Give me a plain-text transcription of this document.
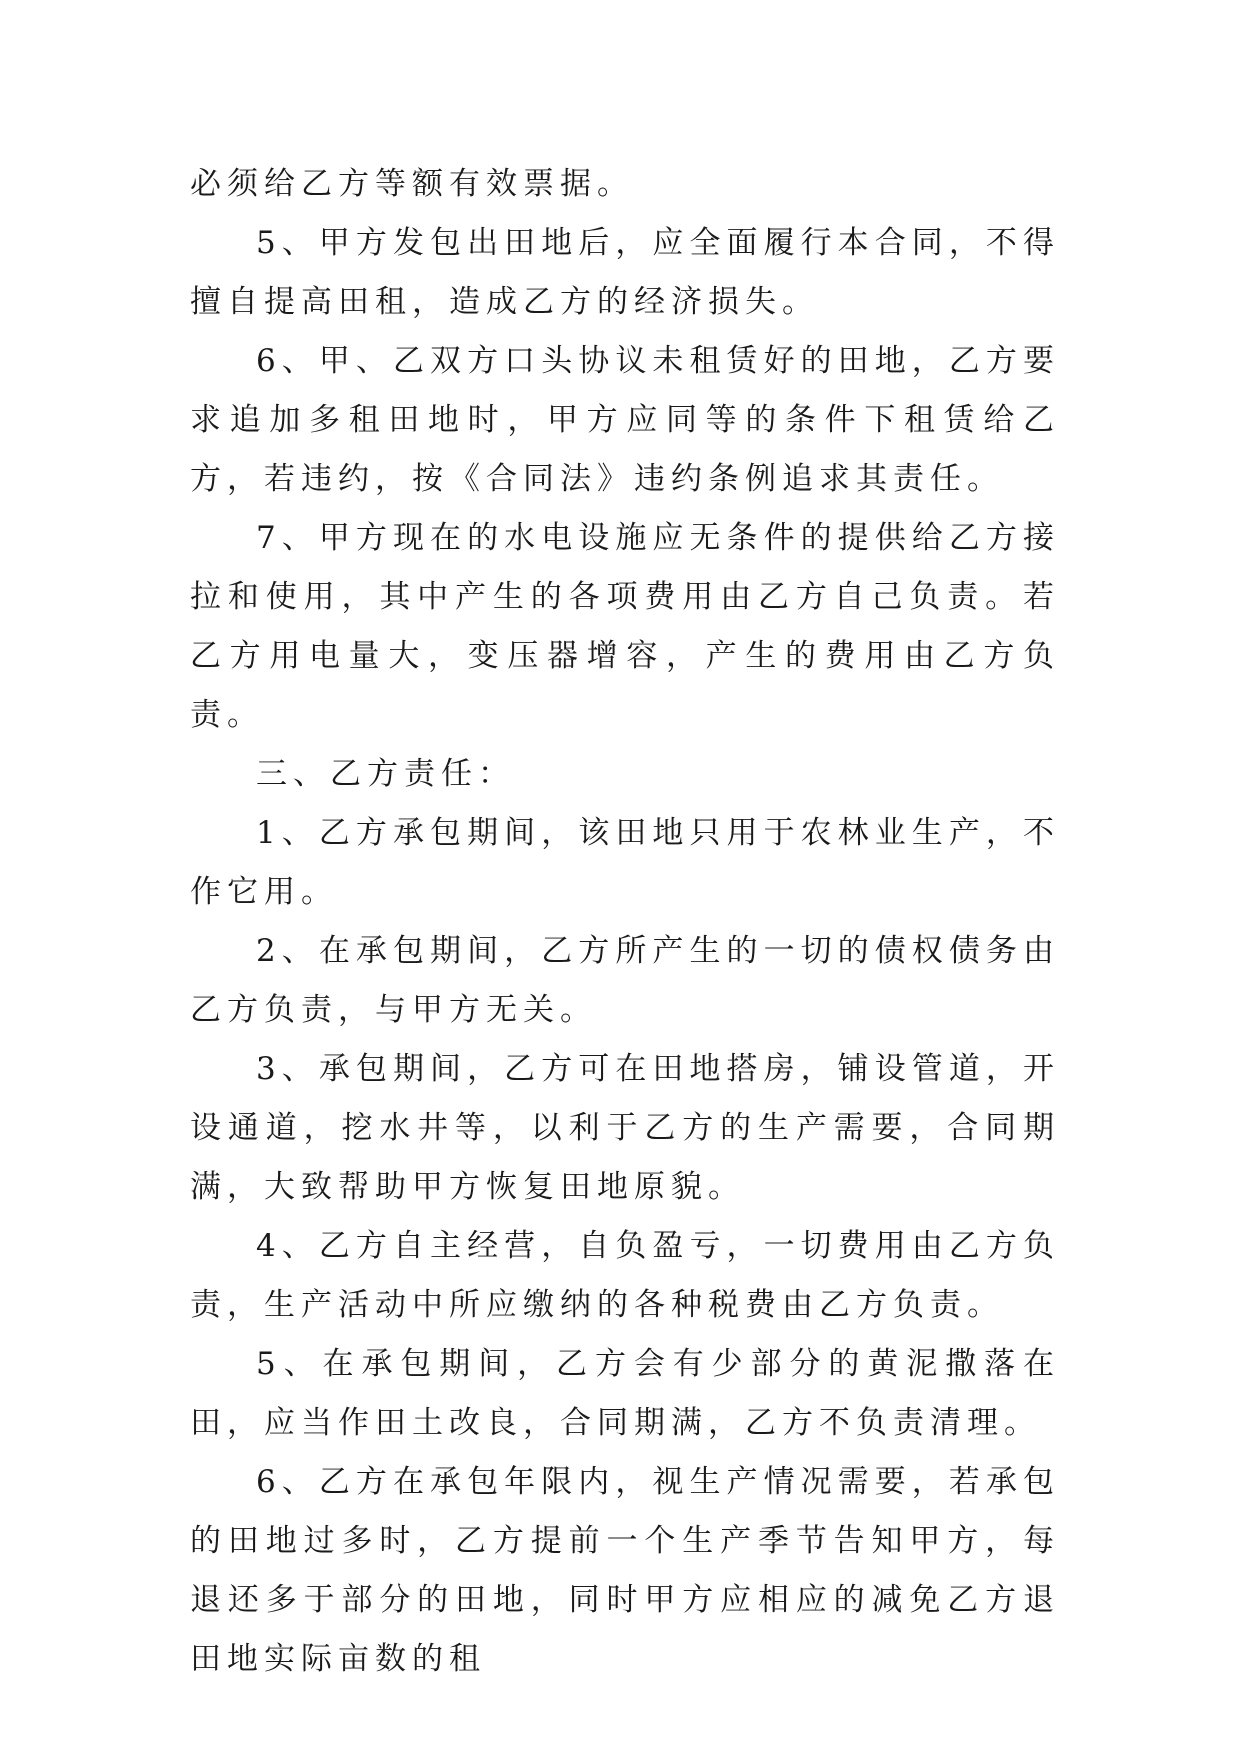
必须给乙方等额有效票据。

5、甲方发包出田地后，应全面履行本合同，不得擅自提高田租，造成乙方的经济损失。

6、甲、乙双方口头协议未租赁好的田地，乙方要求追加多租田地时，甲方应同等的条件下租赁给乙方，若违约，按《合同法》违约条例追求其责任。

7、甲方现在的水电设施应无条件的提供给乙方接拉和使用，其中产生的各项费用由乙方自己负责。若乙方用电量大，变压器增容，产生的费用由乙方负责。

三、乙方责任：

1、乙方承包期间，该田地只用于农林业生产，不作它用。

2、在承包期间，乙方所产生的一切的债权债务由乙方负责，与甲方无关。

3、承包期间，乙方可在田地搭房，铺设管道，开设通道，挖水井等，以利于乙方的生产需要，合同期满，大致帮助甲方恢复田地原貌。

4、乙方自主经营，自负盈亏，一切费用由乙方负责，生产活动中所应缴纳的各种税费由乙方负责。

5、在承包期间，乙方会有少部分的黄泥撒落在田，应当作田土改良，合同期满，乙方不负责清理。

6、乙方在承包年限内，视生产情况需要，若承包的田地过多时，乙方提前一个生产季节告知甲方，每退还多于部分的田地，同时甲方应相应的减免乙方退田地实际亩数的租
